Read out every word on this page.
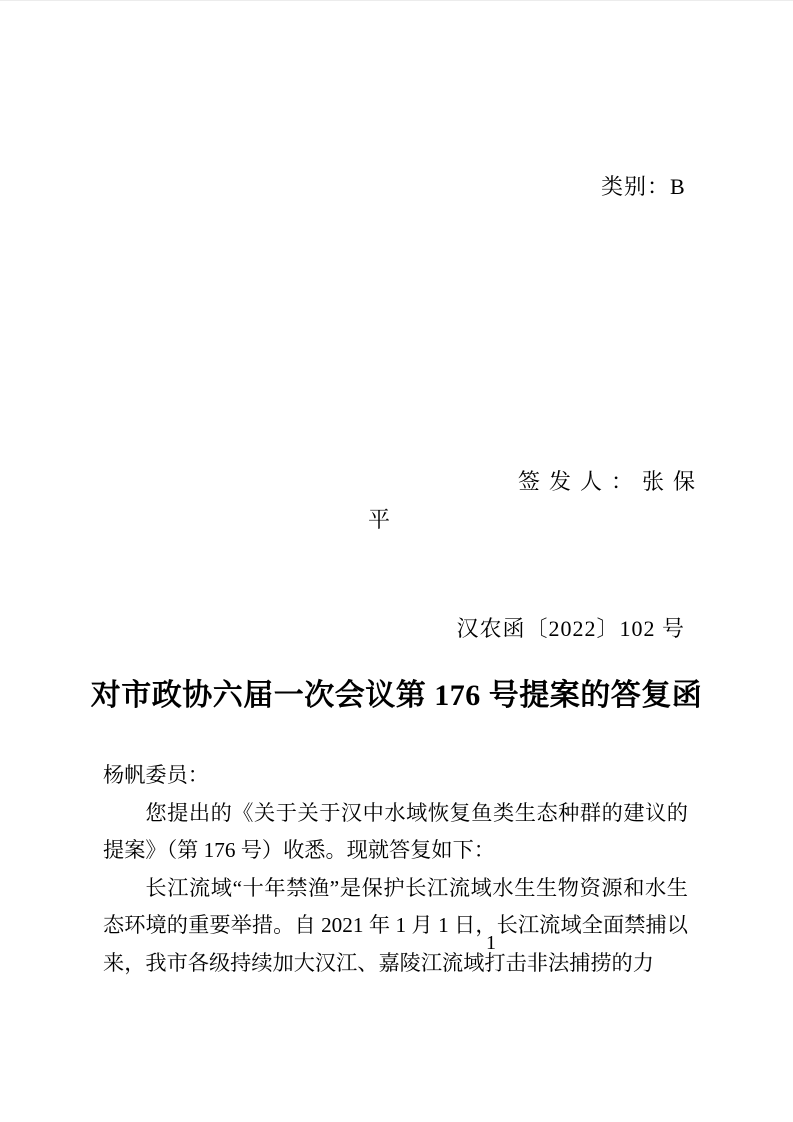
类别：B
签发人：张保
平
汉农函〔2022〕102 号
对市政协六届一次会议第 176 号提案的答复函

杨帆委员：

您提出的《关于关于汉中水域恢复鱼类生态种群的建议的提案》（第 176 号）收悉。现就答复如下：

长江流域“十年禁渔”是保护长江流域水生生物资源和水生态环境的重要举措。自 2021 年 1 月 1 日，长江流域全面禁捕以来，我市各级持续加大汉江、嘉陵江流域打击非法捕捞的力

1
